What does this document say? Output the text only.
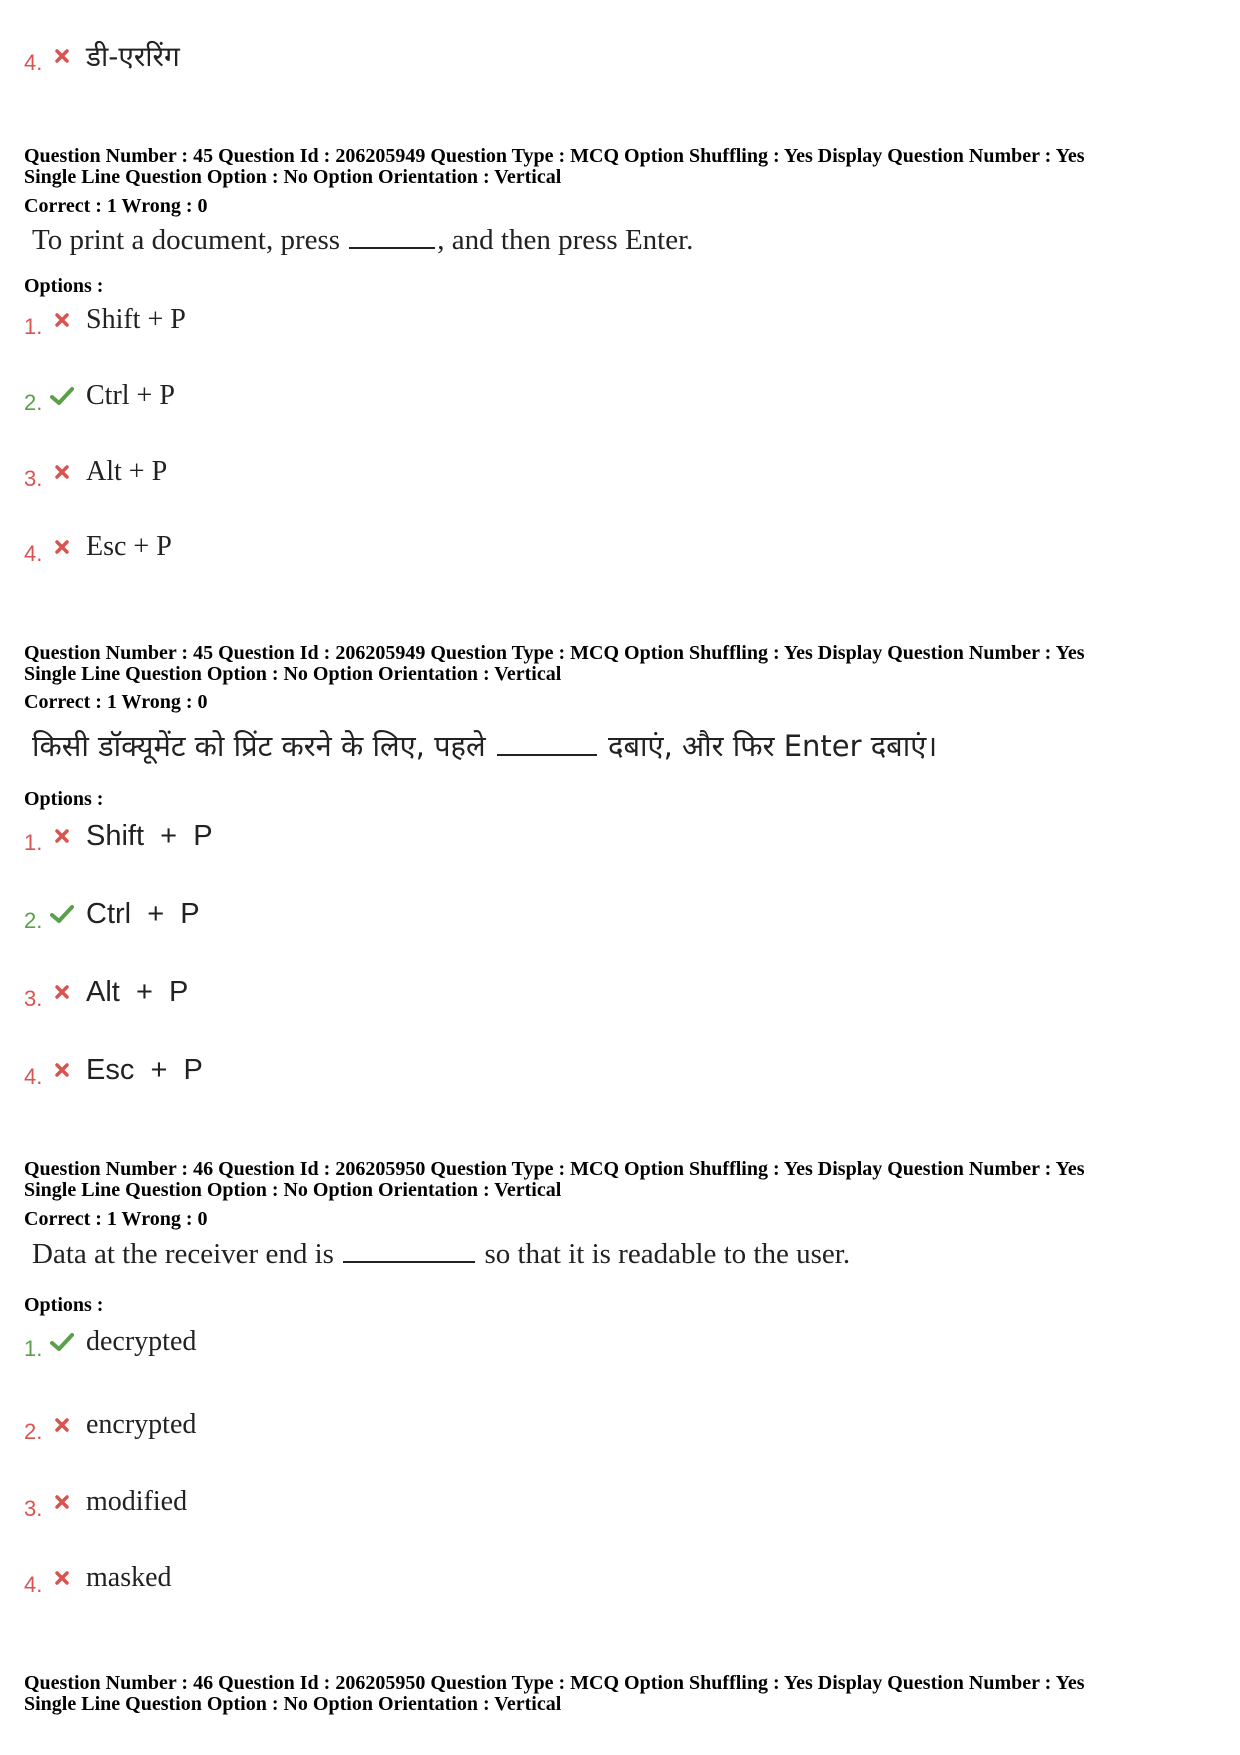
4. डी-एररिंग
Question Number : 45 Question Id : 206205949 Question Type : MCQ Option Shuffling : Yes Display Question Number : Yes
Single Line Question Option : No Option Orientation : Vertical
Correct : 1 Wrong : 0
To print a document, press	, and then press Enter.
Options :
1. Shift + P
2. Ctrl + P
3. Alt + P
4. Esc + P
Question Number : 45 Question Id : 206205949 Question Type : MCQ Option Shuffling : Yes Display Question Number : Yes
Single Line Question Option : No Option Orientation : Vertical
Correct : 1 Wrong : 0
किसी डॉक्यूमेंट को प्रिंट करने के लिए, पहले	दबाएं, और फिर Enter दबाएं।
Options :
1. Shift  +  P
2. Ctrl  +  P
3. Alt  +  P
4. Esc  +  P
Question Number : 46 Question Id : 206205950 Question Type : MCQ Option Shuffling : Yes Display Question Number : Yes
Single Line Question Option : No Option Orientation : Vertical
Correct : 1 Wrong : 0
Data at the receiver end is	so that it is readable to the user.
Options :
1. decrypted
2. encrypted
3. modified
4. masked
Question Number : 46 Question Id : 206205950 Question Type : MCQ Option Shuffling : Yes Display Question Number : Yes
Single Line Question Option : No Option Orientation : Vertical
